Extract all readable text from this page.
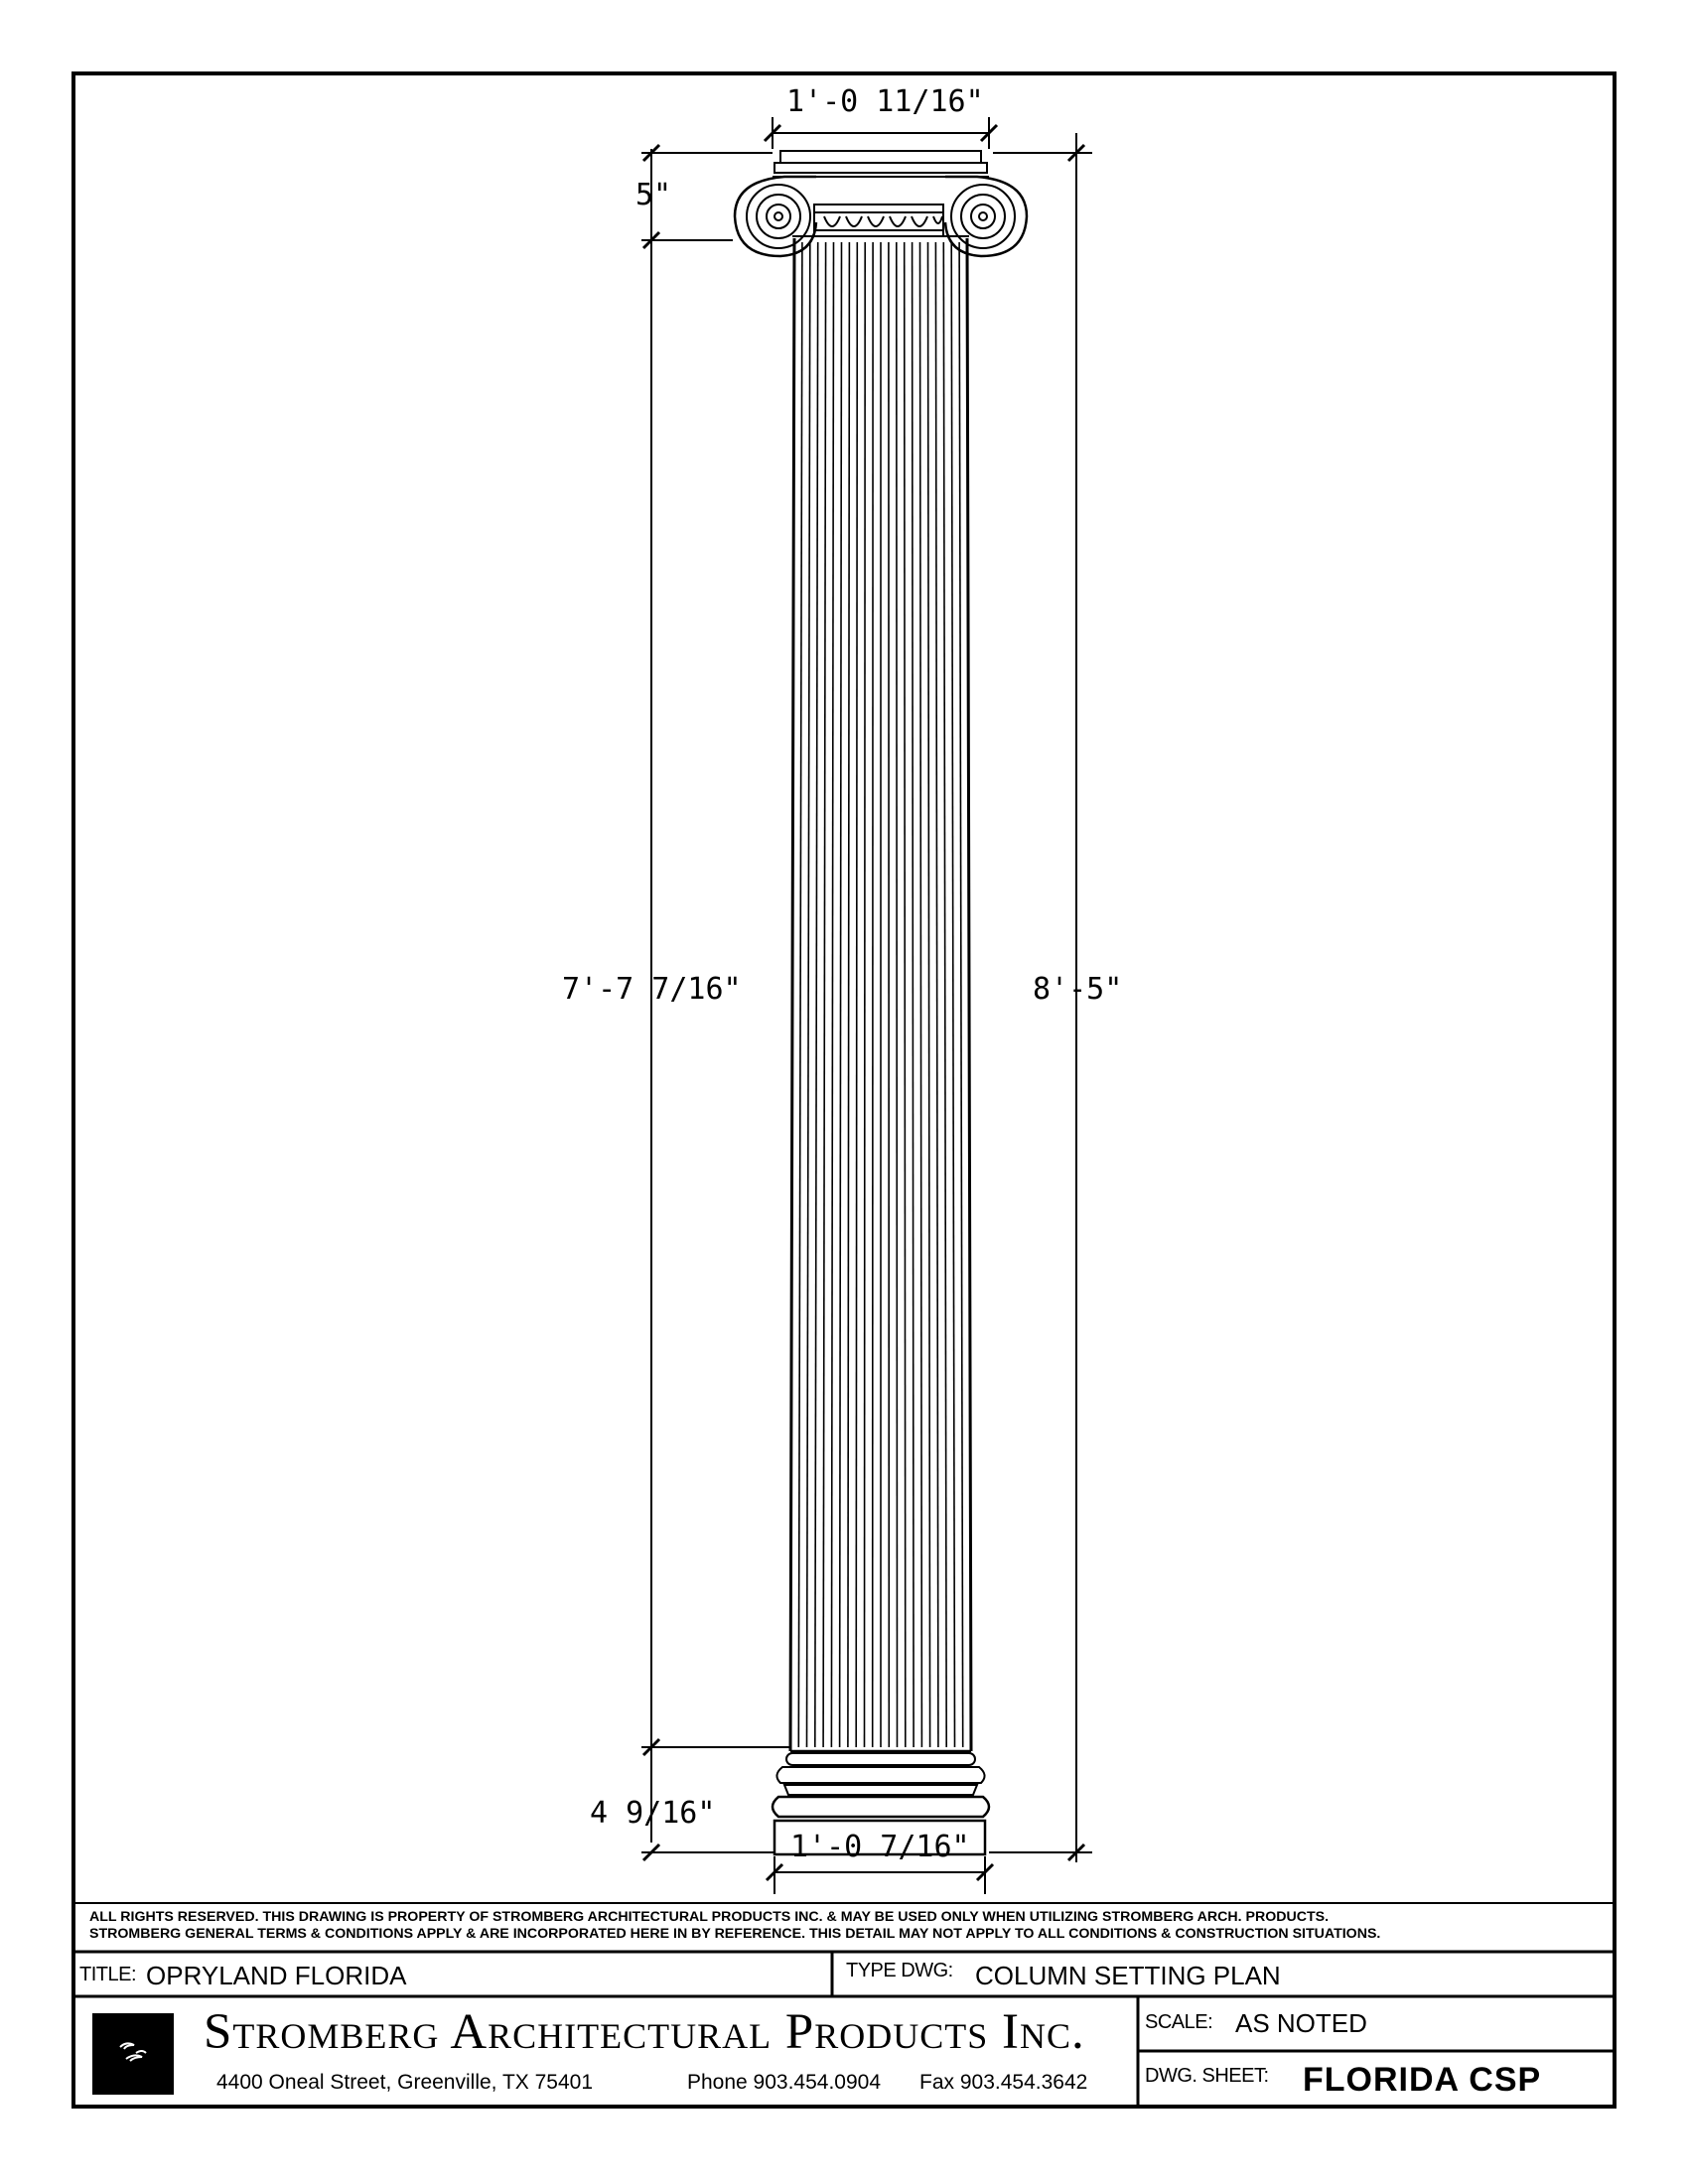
1'-0 11/16"
5"
7'-7 7/16"	8'-5"
4 9/16"
1'-0 7/16"
ALL RIGHTS RESERVED. THIS DRAWING IS PROPERTY OF STROMBERG ARCHITECTURAL PRODUCTS INC. & MAY BE USED ONLY WHEN UTILIZING STROMBERG ARCH. PRODUCTS.
STROMBERG GENERAL TERMS & CONDITIONS APPLY & ARE INCORPORATED HERE IN BY REFERENCE. THIS DETAIL MAY NOT APPLY TO ALL CONDITIONS & CONSTRUCTION SITUATIONS.
TITLE: OPRYLAND FLORIDA	TYPE DWG: COLUMN SETTING PLAN
Stromberg Architectural Products Inc.
4400 Oneal Street, Greenville, TX 75401	Phone 903.454.0904 Fax 903.454.3642
SCALE: AS NOTED
DWG. SHEET: FLORIDA CSP
